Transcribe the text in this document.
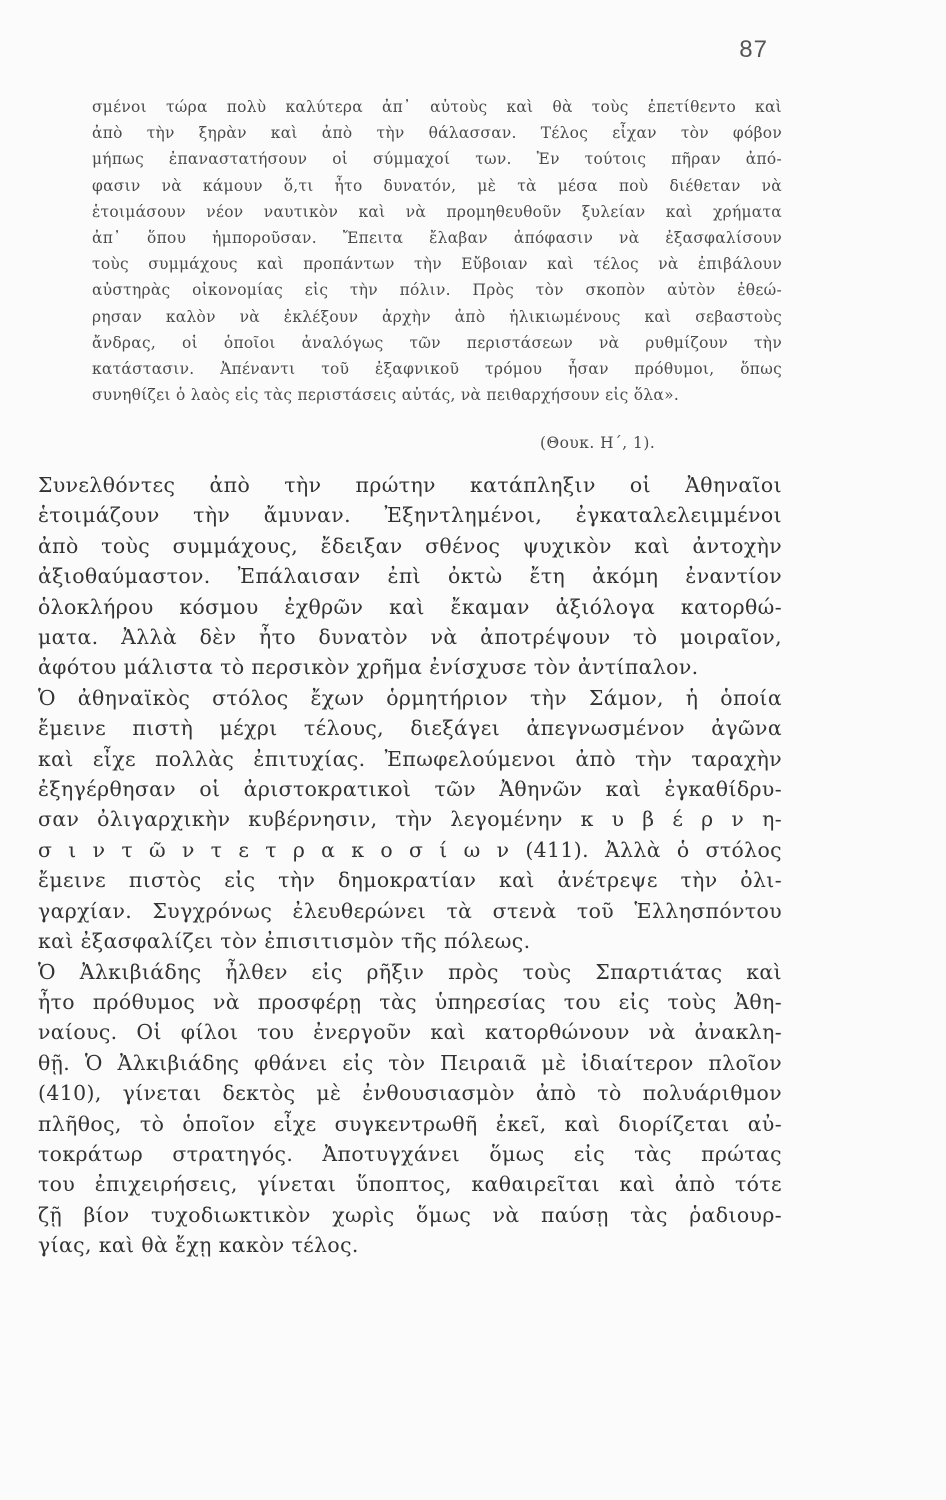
87
σμένοι τώρα πολὺ καλύτερα ἀπ᾽ αὐτοὺς καὶ θὰ τοὺς ἐπετίθεντο καὶ
ἀπὸ τὴν ξηρὰν καὶ ἀπὸ τὴν θάλασσαν. Τέλος εἶχαν τὸν φόβον
μήπως ἐπαναστατήσουν οἱ σύμμαχοί των. Ἐν τούτοις πῆραν ἀπό-
φασιν νὰ κάμουν ὅ,τι ἦτο δυνατόν, μὲ τὰ μέσα ποὺ διέθεταν νὰ
ἑτοιμάσουν νέον ναυτικὸν καὶ νὰ προμηθευθοῦν ξυλείαν καὶ χρήματα
ἀπ᾽ ὅπου ἠμποροῦσαν. Ἔπειτα ἔλαβαν ἀπόφασιν νὰ ἐξασφαλίσουν
τοὺς συμμάχους καὶ προπάντων τὴν Εὔβοιαν καὶ τέλος νὰ ἐπιβάλουν
αὐστηρὰς οἰκονομίας εἰς τὴν πόλιν. Πρὸς τὸν σκοπὸν αὐτὸν ἐθεώ-
ρησαν καλὸν νὰ ἐκλέξουν ἀρχὴν ἀπὸ ἡλικιωμένους καὶ σεβαστοὺς
ἄνδρας, οἱ ὁποῖοι ἀναλόγως τῶν περιστάσεων νὰ ρυθμίζουν τὴν
κατάστασιν. Ἀπέναντι τοῦ ἐξαφνικοῦ τρόμου ἦσαν πρόθυμοι, ὅπως
συνηθίζει ὁ λαὸς εἰς τὰς περιστάσεις αὐτάς, νὰ πειθαρχήσουν εἰς ὅλα».
(Θουκ. Η΄, 1).
Συνελθόντες ἀπὸ τὴν πρώτην κατάπληξιν οἱ Ἀθηναῖοι
ἑτοιμάζουν τὴν ἄμυναν. Ἐξηντλημένοι, ἐγκαταλελειμμένοι
ἀπὸ τοὺς συμμάχους, ἔδειξαν σθένος ψυχικὸν καὶ ἀντοχὴν
ἀξιοθαύμαστον. Ἐπάλαισαν ἐπὶ ὀκτὼ ἔτη ἀκόμη ἐναντίον
ὁλοκλήρου κόσμου ἐχθρῶν καὶ ἔκαμαν ἀξιόλογα κατορθώ-
ματα. Ἀλλὰ δὲν ἦτο δυνατὸν νὰ ἀποτρέψουν τὸ μοιραῖον,
ἀφότου μάλιστα τὸ περσικὸν χρῆμα ἐνίσχυσε τὸν ἀντίπαλον.
Ὁ ἀθηναϊκὸς στόλος ἔχων ὁρμητήριον τὴν Σάμον, ἡ ὁποία
ἔμεινε πιστὴ μέχρι τέλους, διεξάγει ἀπεγνωσμένον ἀγῶνα
καὶ εἶχε πολλὰς ἐπιτυχίας. Ἐπωφελούμενοι ἀπὸ τὴν ταραχὴν
ἐξηγέρθησαν οἱ ἀριστοκρατικοὶ τῶν Ἀθηνῶν καὶ ἐγκαθίδρυ-
σαν ὀλιγαρχικὴν κυβέρνησιν, τὴν λεγομένην κ υ β έ ρ ν η-
σ ι ν τ ῶ ν τ ε τ ρ α κ ο σ ί ω ν (411). Ἀλλὰ ὁ στόλος
ἔμεινε πιστὸς εἰς τὴν δημοκρατίαν καὶ ἀνέτρεψε τὴν ὀλι-
γαρχίαν. Συγχρόνως ἐλευθερώνει τὰ στενὰ τοῦ Ἑλλησπόντου
καὶ ἐξασφαλίζει τὸν ἐπισιτισμὸν τῆς πόλεως.
Ὁ Ἀλκιβιάδης ἦλθεν εἰς ρῆξιν πρὸς τοὺς Σπαρτιάτας καὶ
ἦτο πρόθυμος νὰ προσφέρῃ τὰς ὑπηρεσίας του εἰς τοὺς Ἀθη-
ναίους. Οἱ φίλοι του ἐνεργοῦν καὶ κατορθώνουν νὰ ἀνακλη-
θῇ. Ὁ Ἀλκιβιάδης φθάνει εἰς τὸν Πειραιᾶ μὲ ἰδιαίτερον πλοῖον
(410), γίνεται δεκτὸς μὲ ἐνθουσιασμὸν ἀπὸ τὸ πολυάριθμον
πλῆθος, τὸ ὁποῖον εἶχε συγκεντρωθῆ ἐκεῖ, καὶ διορίζεται αὐ-
τοκράτωρ στρατηγός. Ἀποτυγχάνει ὅμως εἰς τὰς πρώτας
του ἐπιχειρήσεις, γίνεται ὕποπτος, καθαιρεῖται καὶ ἀπὸ τότε
ζῇ βίον τυχοδιωκτικὸν χωρὶς ὅμως νὰ παύσῃ τὰς ῥαδιουρ-
γίας, καὶ θὰ ἔχῃ κακὸν τέλος.
